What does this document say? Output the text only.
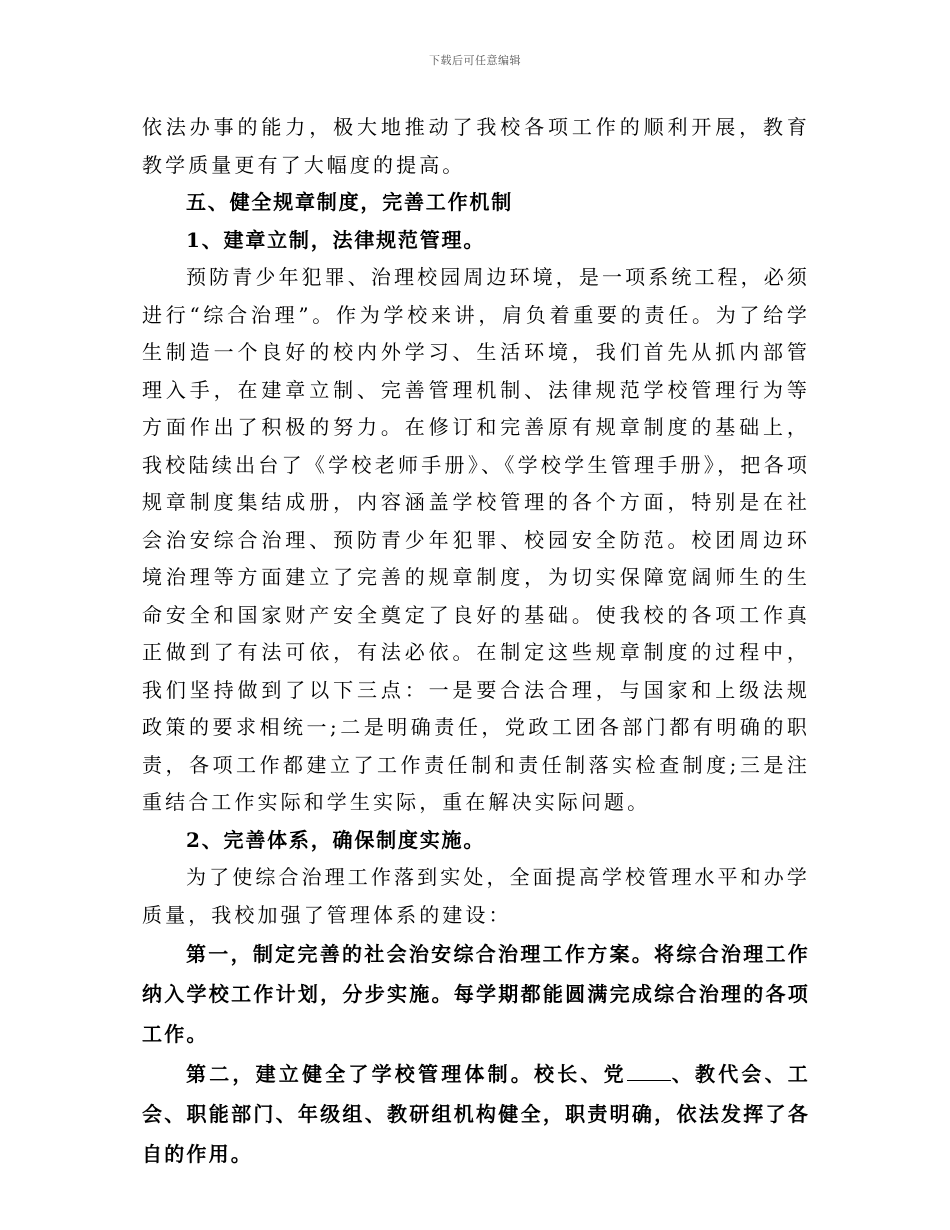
下载后可任意编辑

依法办事的能力，极大地推动了我校各项工作的顺利开展，教育教学质量更有了大幅度的提高。

五、健全规章制度，完善工作机制

1、建章立制，法律规范管理。

预防青少年犯罪、治理校园周边环境，是一项系统工程，必须进行“综合治理”。作为学校来讲，肩负着重要的责任。为了给学生制造一个良好的校内外学习、生活环境，我们首先从抓内部管理入手，在建章立制、完善管理机制、法律规范学校管理行为等方面作出了积极的努力。在修订和完善原有规章制度的基础上，我校陆续出台了《学校老师手册》、《学校学生管理手册》，把各项规章制度集结成册，内容涵盖学校管理的各个方面，特别是在社会治安综合治理、预防青少年犯罪、校园安全防范。校团周边环境治理等方面建立了完善的规章制度，为切实保障宽阔师生的生命安全和国家财产安全奠定了良好的基础。使我校的各项工作真正做到了有法可依，有法必依。在制定这些规章制度的过程中，我们坚持做到了以下三点：一是要合法合理，与国家和上级法规政策的要求相统一;二是明确责任，党政工团各部门都有明确的职责，各项工作都建立了工作责任制和责任制落实检查制度;三是注重结合工作实际和学生实际，重在解决实际问题。

2、完善体系，确保制度实施。

为了使综合治理工作落到实处，全面提高学校管理水平和办学质量，我校加强了管理体系的建设：

第一，制定完善的社会治安综合治理工作方案。将综合治理工作纳入学校工作计划，分步实施。每学期都能圆满完成综合治理的各项工作。

第二，建立健全了学校管理体制。校长、党 、教代会、工会、职能部门、年级组、教研组机构健全，职责明确，依法发挥了各自的作用。
